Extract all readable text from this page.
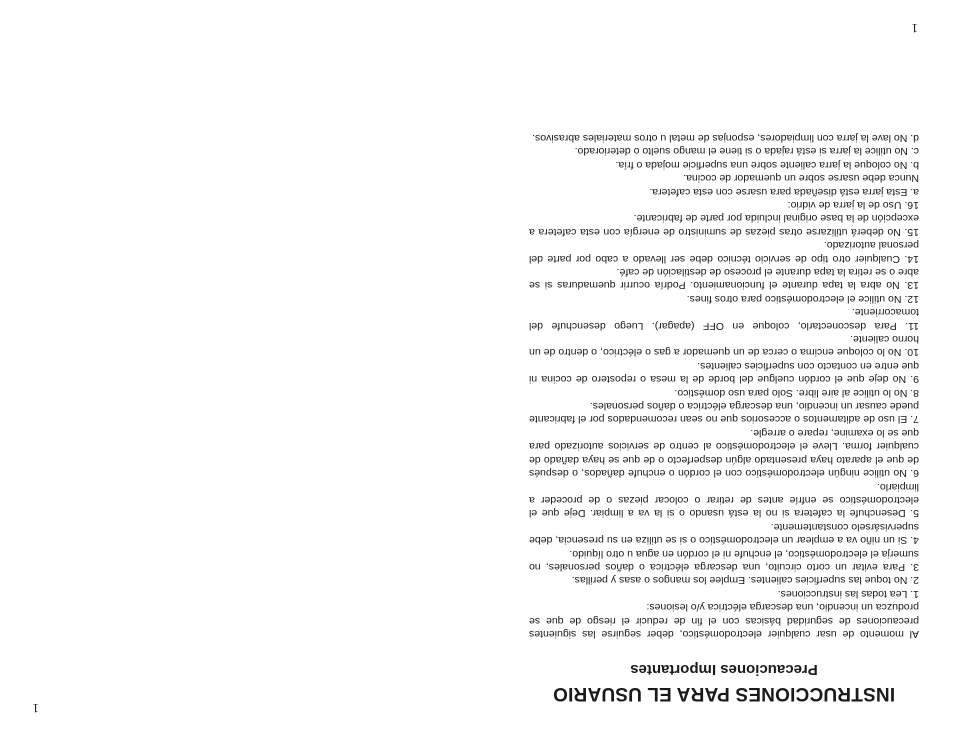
1
1
INSTRUCCIONES PARA EL USUARIO
Precauciones Importantes

Al momento de usar cualquier electrodoméstico, deber seguirse las siguientes precauciones de seguridad básicas con el fin de reducir el riesgo de que se produzca un incendio, una descarga eléctrica y/o lesiones:

1. Lea todas las instrucciones.
2. No toque las superficies calientes. Emplee los mangos o asas y perillas.
3. Para evitar un corto circuito, una descarga eléctrica o daños personales, no sumerja el electrodoméstico, el enchufe ni el cordón en agua u otro líquido.
4. Si un niño va a emplear un electrodoméstico o si se utiliza en su presencia, debe supervisárselo constantemente.
5. Desenchufe la cafetera si no la está usando o si la va a limpiar. Deje que el electrodoméstico se enfríe antes de retirar o colocar piezas o de proceder a limpiarlo.
6. No utilice ningún electrodoméstico con el cordón o enchufe dañados, o después de que el aparato haya presentado algún desperfecto o de que se haya dañado de cualquier forma. Lleve el electrodoméstico al centro de servicios autorizado para que se lo examine, repare o arregle.
7. El uso de aditamentos o accesorios que no sean recomendados por el fabricante puede causar un incendio, una descarga eléctrica o daños personales.
8. No lo utilice al aire libre. Solo para uso doméstico.
9. No deje que el cordón cuelgue del borde de la mesa o repostero de cocina ni que entre en contacto con superficies calientes.
10. No lo coloque encima o cerca de un quemador a gas o eléctrico, o dentro de un horno caliente.
11. Para desconectarlo, coloque en OFF (apagar). Luego desenchufe del tomacorriente.
12. No utilice el electrodoméstico para otros fines.
13. No abra la tapa durante el funcionamiento. Podría ocurrir quemaduras si se abre o se retira la tapa durante el proceso de destilación de café.
14. Cualquier otro tipo de servicio técnico debe ser llevado a cabo por parte del personal autorizado.
15. No deberá utilizarse otras piezas de suministro de energía con esta cafetera a excepción de la base original incluida por parte de fabricante.
16. Uso de la jarra de vidrio:
a. Esta jarra está diseñada para usarse con esta cafetera.
Nunca debe usarse sobre un quemador de cocina.
b. No coloque la jarra caliente sobre una superficie mojada o fría.
c. No utilice la jarra si está rajada o si tiene el mango suelto o deteriorado.
d. No lave la jarra con limpiadores, esponjas de metal u otros materiales abrasivos.
